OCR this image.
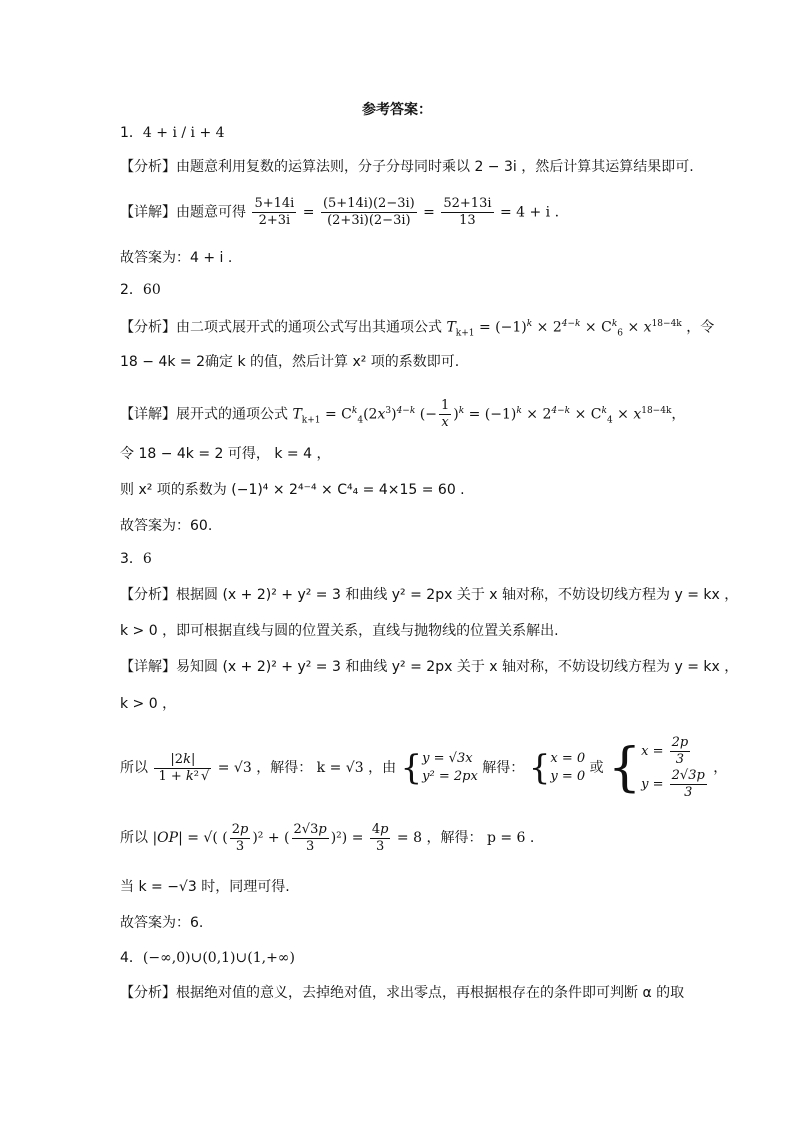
参考答案：
1．4 + i / i + 4
【分析】由题意利用复数的运算法则，分子分母同时乘以 2 − 3i ，然后计算其运算结果即可.
【详解】由题意可得 $\frac{5+14i}{2+3i} = \frac{(5+14i)(2-3i)}{(2+3i)(2-3i)} = \frac{52+13i}{13} = 4 + i$ .
故答案为：4 + i .
2．60
【分析】由二项式展开式的通项公式写出其通项公式 $T_{k+1} = (-1)^k \times 2^{4-k} \times C^k_6 \times x^{18-4k}$ ，令
18 − 4k = 2确定 k 的值，然后计算 x² 项的系数即可.
【详解】展开式的通项公式 $T_{k+1} = C^k_4(2x^3)^{4-k}$ (− $\frac{1}{x} )^k = (-1)^k \times 2^{4-k} \times C^k_4 \times x^{18-4k}$，
令 18 − 4k = 2 可得， k = 4 ，
则 x² 项的系数为 (−1)⁴ × 2⁴⁻⁴ × C⁴₄ = 4×15 = 60 .
故答案为：60.
3．6
【分析】根据圆 (x + 2)² + y² = 3 和曲线 y² = 2px 关于 x 轴对称，不妨设切线方程为 y = kx ，
k > 0 ，即可根据直线与圆的位置关系，直线与抛物线的位置关系解出.
【详解】易知圆 (x + 2)² + y² = 3 和曲线 y² = 2px 关于 x 轴对称，不妨设切线方程为 y = kx ，
k > 0 ，
所以 $\frac{|2k|}{\text{1 + k² √}} = √3$ ，解得： k = √3 ，由 {y = √3x
y² = 2px 解得： {x = 0
y = 0 或 {$x = \frac{2p}{3}$

$y = \frac{2√3p}{3}$ ，
所以 |OP| = √( ( $\frac{2p}{3} )^2$ + ( $\frac{2√3p}{3} )^2) = \frac{4p}{3} = 8$ ，解得： p = 6 .
当 k = −√3 时，同理可得.
故答案为：6.
4．(−∞,0)∪(0,1)∪(1,+∞)
【分析】根据绝对值的意义，去掉绝对值，求出零点，再根据根存在的条件即可判断 α 的取
